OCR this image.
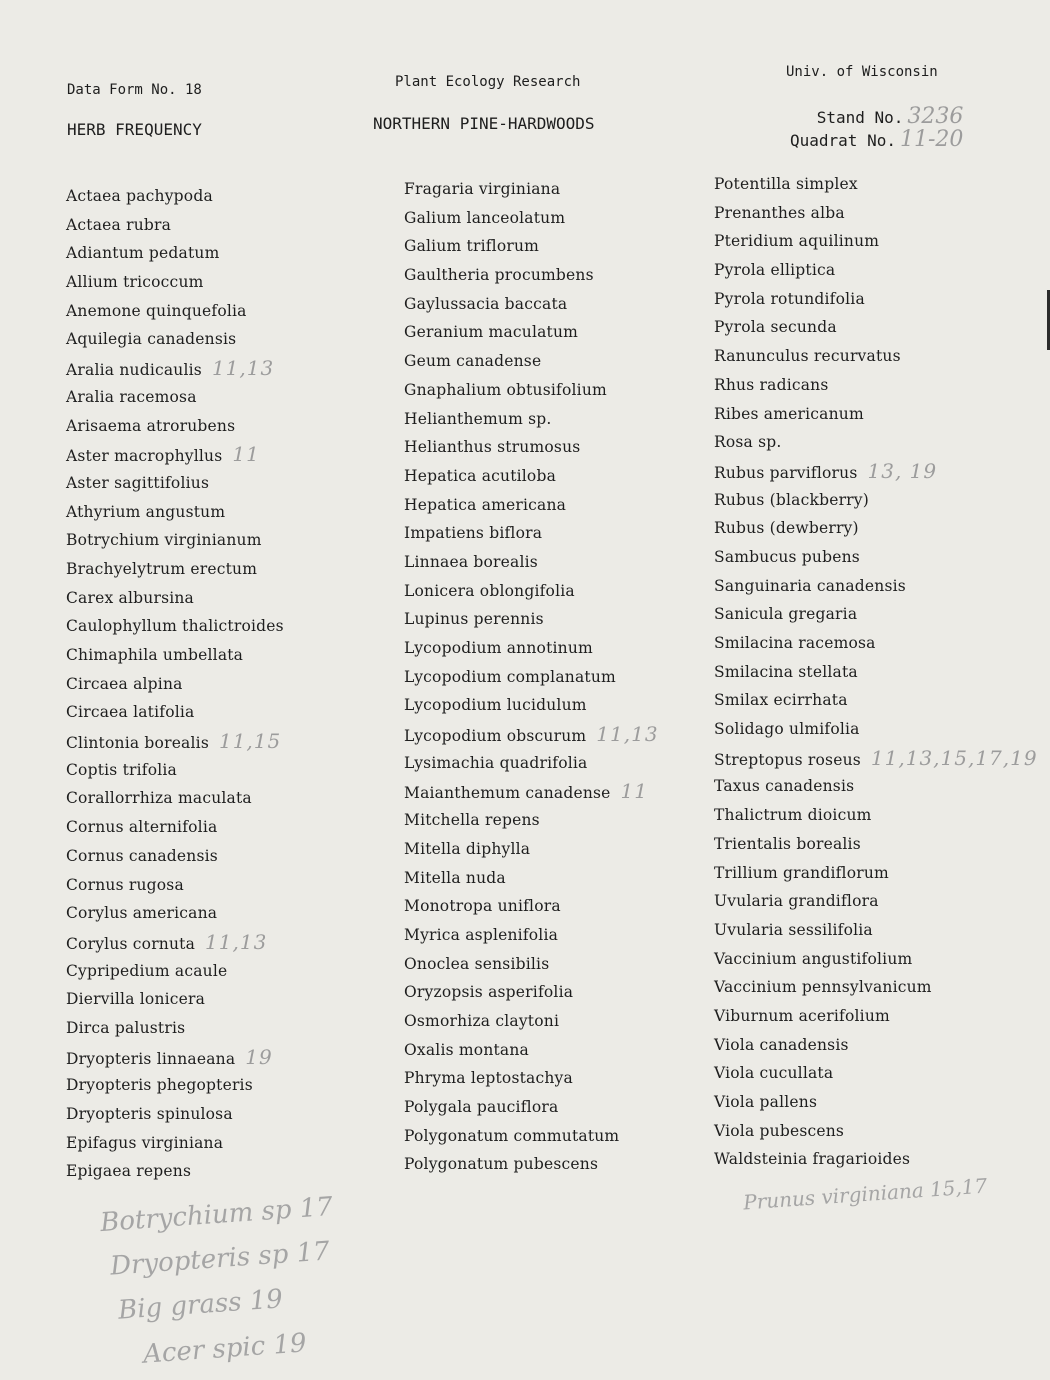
Data Form No. 18
HERB FREQUENCY
Plant Ecology Research
NORTHERN PINE-HARDWOODS
Univ. of Wisconsin
Stand No. 3236
Quadrat No. 11-20
Actaea pachypoda
Actaea rubra
Adiantum pedatum
Allium tricoccum
Anemone quinquefolia
Aquilegia canadensis
Aralia nudicaulis 11,13
Aralia racemosa
Arisaema atrorubens
Aster macrophyllus 11
Aster sagittifolius
Athyrium angustum
Botrychium virginianum
Brachyelytrum erectum
Carex albursina
Caulophyllum thalictroides
Chimaphila umbellata
Circaea alpina
Circaea latifolia
Clintonia borealis 11,15
Coptis trifolia
Corallorrhiza maculata
Cornus alternifolia
Cornus canadensis
Cornus rugosa
Corylus americana
Corylus cornuta 11,13
Cypripedium acaule
Diervilla lonicera
Dirca palustris
Dryopteris linnaeana 19
Dryopteris phegopteris
Dryopteris spinulosa
Epifagus virginiana
Epigaea repens
Fragaria virginiana
Galium lanceolatum
Galium triflorum
Gaultheria procumbens
Gaylussacia baccata
Geranium maculatum
Geum canadense
Gnaphalium obtusifolium
Helianthemum sp.
Helianthus strumosus
Hepatica acutiloba
Hepatica americana
Impatiens biflora
Linnaea borealis
Lonicera oblongifolia
Lupinus perennis
Lycopodium annotinum
Lycopodium complanatum
Lycopodium lucidulum
Lycopodium obscurum 11,13
Lysimachia quadrifolia
Maianthemum canadense 11
Mitchella repens
Mitella diphylla
Mitella nuda
Monotropa uniflora
Myrica asplenifolia
Onoclea sensibilis
Oryzopsis asperifolia
Osmorhiza claytoni
Oxalis montana
Phryma leptostachya
Polygala pauciflora
Polygonatum commutatum
Polygonatum pubescens
Potentilla simplex
Prenanthes alba
Pteridium aquilinum
Pyrola elliptica
Pyrola rotundifolia
Pyrola secunda
Ranunculus recurvatus
Rhus radicans
Ribes americanum
Rosa sp.
Rubus parviflorus 13, 19
Rubus (blackberry)
Rubus (dewberry)
Sambucus pubens
Sanguinaria canadensis
Sanicula gregaria
Smilacina racemosa
Smilacina stellata
Smilax ecirrhata
Solidago ulmifolia
Streptopus roseus 11,13,15,17,19
Taxus canadensis
Thalictrum dioicum
Trientalis borealis
Trillium grandiflorum
Uvularia grandiflora
Uvularia sessilifolia
Vaccinium angustifolium
Vaccinium pennsylvanicum
Viburnum acerifolium
Viola canadensis
Viola cucullata
Viola pallens
Viola pubescens
Waldsteinia fragarioides
Botrychium sp 17
Dryopteris sp 17
Big grass 19
Acer spic 19
Prunus virginiana 15,17
